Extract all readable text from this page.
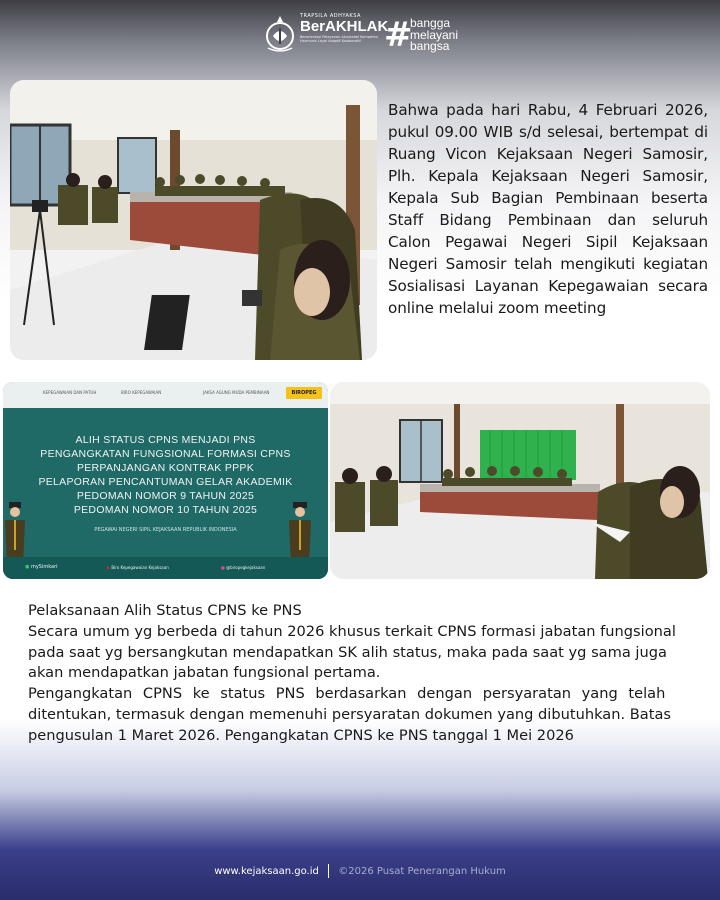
TRAPSILA ADHYAKSA
BerAKHLAK
Berorientasi Pelayanan Akuntabel Kompeten Harmonis Loyal Adaptif Kolaboratif #
bangga
melayani
bangsa
Bahwa pada hari Rabu, 4 Februari 2026, pukul 09.00 WIB s/d selesai, bertempat di Ruang Vicon Kejaksaan Negeri Samosir, Plh. Kepala Kejaksaan Negeri Samosir, Kepala Sub Bagian Pembinaan beserta Staff Bidang Pembinaan dan seluruh Calon Pegawai Negeri Sipil Kejaksaan Negeri Samosir telah mengikuti kegiatan Sosialisasi Layanan Kepegawaian secara online melalui zoom meeting
KEPEGAWAIAN DAN PATUH	BIRO KEPEGAWAIAN	JAKSA AGUNG MUDA PEMBINAAN	BIROPEG
ALIH STATUS CPNS MENJADI PNS
PENGANGKATAN FUNGSIONAL FORMASI CPNS
PERPANJANGAN KONTRAK PPPK
PELAPORAN PENCANTUMAN GELAR AKADEMIK
PEDOMAN NOMOR 9 TAHUN 2025
PEDOMAN NOMOR 10 TAHUN 2025
PEGAWAI NEGERI SIPIL KEJAKSAAN REPUBLIK INDONESIA
● mySimkari	▶ Biro Kepegawaian Kejaksaan	■ @biropegkejaksaan
Pelaksanaan Alih Status CPNS ke PNS
Secara umum yg berbeda di tahun 2026 khusus terkait CPNS formasi jabatan fungsional
pada saat yg bersangkutan mendapatkan SK alih status, maka pada saat yg sama juga
akan mendapatkan jabatan fungsional pertama.
Pengangkatan CPNS ke status PNS berdasarkan dengan persyaratan yang telah
ditentukan, termasuk dengan memenuhi persyaratan dokumen yang dibutuhkan. Batas
pengusulan 1 Maret 2026. Pengangkatan CPNS ke PNS tanggal 1 Mei 2026
www.kejaksaan.go.id ©2026 Pusat Penerangan Hukum
